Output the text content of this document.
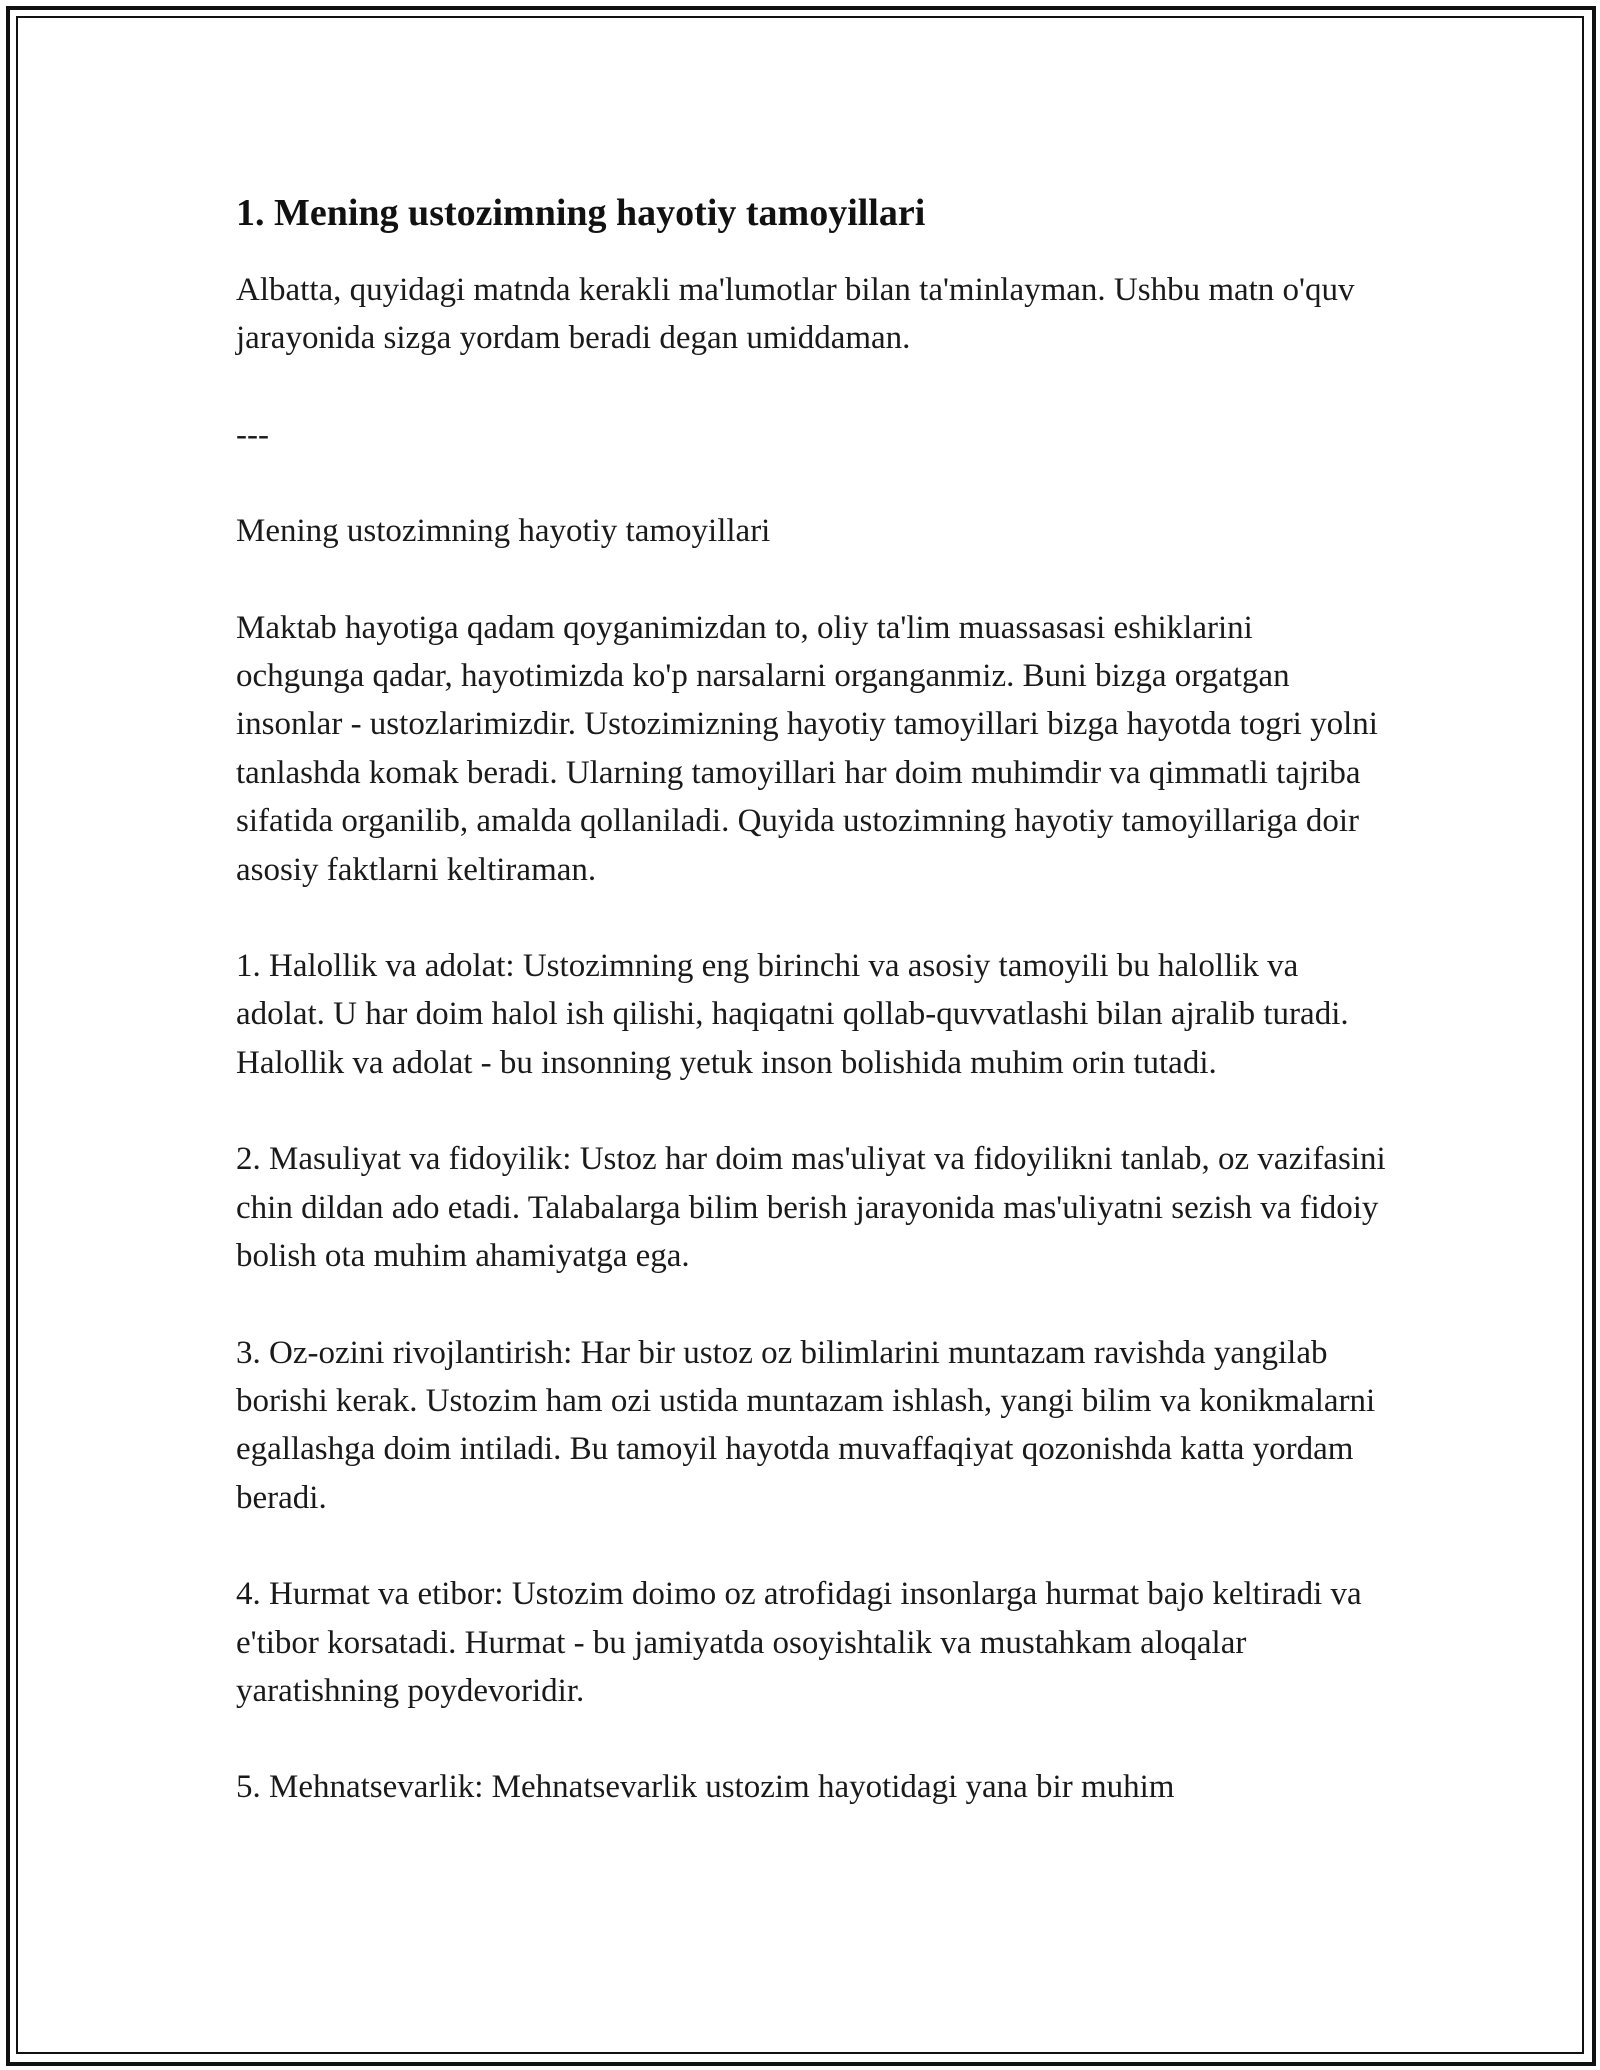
1. Mening ustozimning hayotiy tamoyillari

Albatta, quyidagi matnda kerakli ma'lumotlar bilan ta'minlayman. Ushbu matn o'quv jarayonida sizga yordam beradi degan umiddaman.

---

Mening ustozimning hayotiy tamoyillari

Maktab hayotiga qadam qoyganimizdan to, oliy ta'lim muassasasi eshiklarini ochgunga qadar, hayotimizda ko'p narsalarni organganmiz. Buni bizga orgatgan insonlar - ustozlarimizdir. Ustozimizning hayotiy tamoyillari bizga hayotda togri yolni tanlashda komak beradi. Ularning tamoyillari har doim muhimdir va qimmatli tajriba sifatida organilib, amalda qollaniladi. Quyida ustozimning hayotiy tamoyillariga doir asosiy faktlarni keltiraman.

1. Halollik va adolat: Ustozimning eng birinchi va asosiy tamoyili bu halollik va adolat. U har doim halol ish qilishi, haqiqatni qollab-quvvatlashi bilan ajralib turadi. Halollik va adolat - bu insonning yetuk inson bolishida muhim orin tutadi.

2. Masuliyat va fidoyilik: Ustoz har doim mas'uliyat va fidoyilikni tanlab, oz vazifasini chin dildan ado etadi. Talabalarga bilim berish jarayonida mas'uliyatni sezish va fidoiy bolish ota muhim ahamiyatga ega.

3. Oz-ozini rivojlantirish: Har bir ustoz oz bilimlarini muntazam ravishda yangilab borishi kerak. Ustozim ham ozi ustida muntazam ishlash, yangi bilim va konikmalarni egallashga doim intiladi. Bu tamoyil hayotda muvaffaqiyat qozonishda katta yordam beradi.

4. Hurmat va etibor: Ustozim doimo oz atrofidagi insonlarga hurmat bajo keltiradi va e'tibor korsatadi. Hurmat - bu jamiyatda osoyishtalik va mustahkam aloqalar yaratishning poydevoridir.

5. Mehnatsevarlik: Mehnatsevarlik ustozim hayotidagi yana bir muhim
